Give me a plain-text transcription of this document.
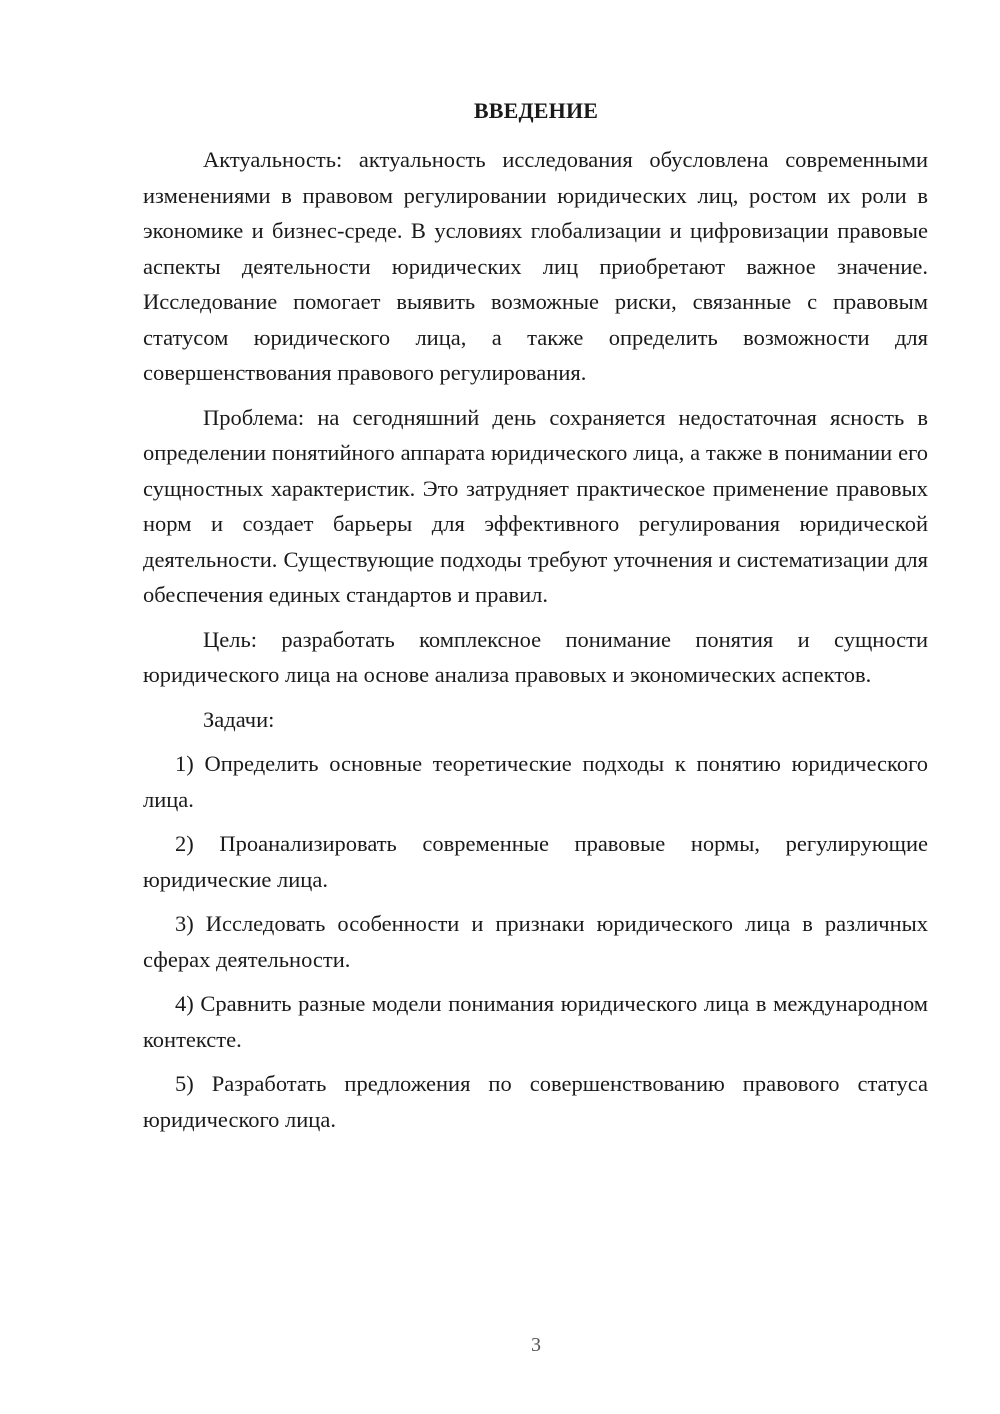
ВВЕДЕНИЕ

Актуальность: актуальность исследования обусловлена современными изменениями в правовом регулировании юридических лиц, ростом их роли в экономике и бизнес-среде. В условиях глобализации и цифровизации правовые аспекты деятельности юридических лиц приобретают важное значение. Исследование помогает выявить возможные риски, связанные с правовым статусом юридического лица, а также определить возможности для совершенствования правового регулирования.

Проблема: на сегодняшний день сохраняется недостаточная ясность в определении понятийного аппарата юридического лица, а также в понимании его сущностных характеристик. Это затрудняет практическое применение правовых норм и создает барьеры для эффективного регулирования юридической деятельности. Существующие подходы требуют уточнения и систематизации для обеспечения единых стандартов и правил.

Цель: разработать комплексное понимание понятия и сущности юридического лица на основе анализа правовых и экономических аспектов.

Задачи:

1) Определить основные теоретические подходы к понятию юридического лица.

2) Проанализировать современные правовые нормы, регулирующие юридические лица.

3) Исследовать особенности и признаки юридического лица в различных сферах деятельности.

4) Сравнить разные модели понимания юридического лица в международном контексте.

5) Разработать предложения по совершенствованию правового статуса юридического лица.

3
